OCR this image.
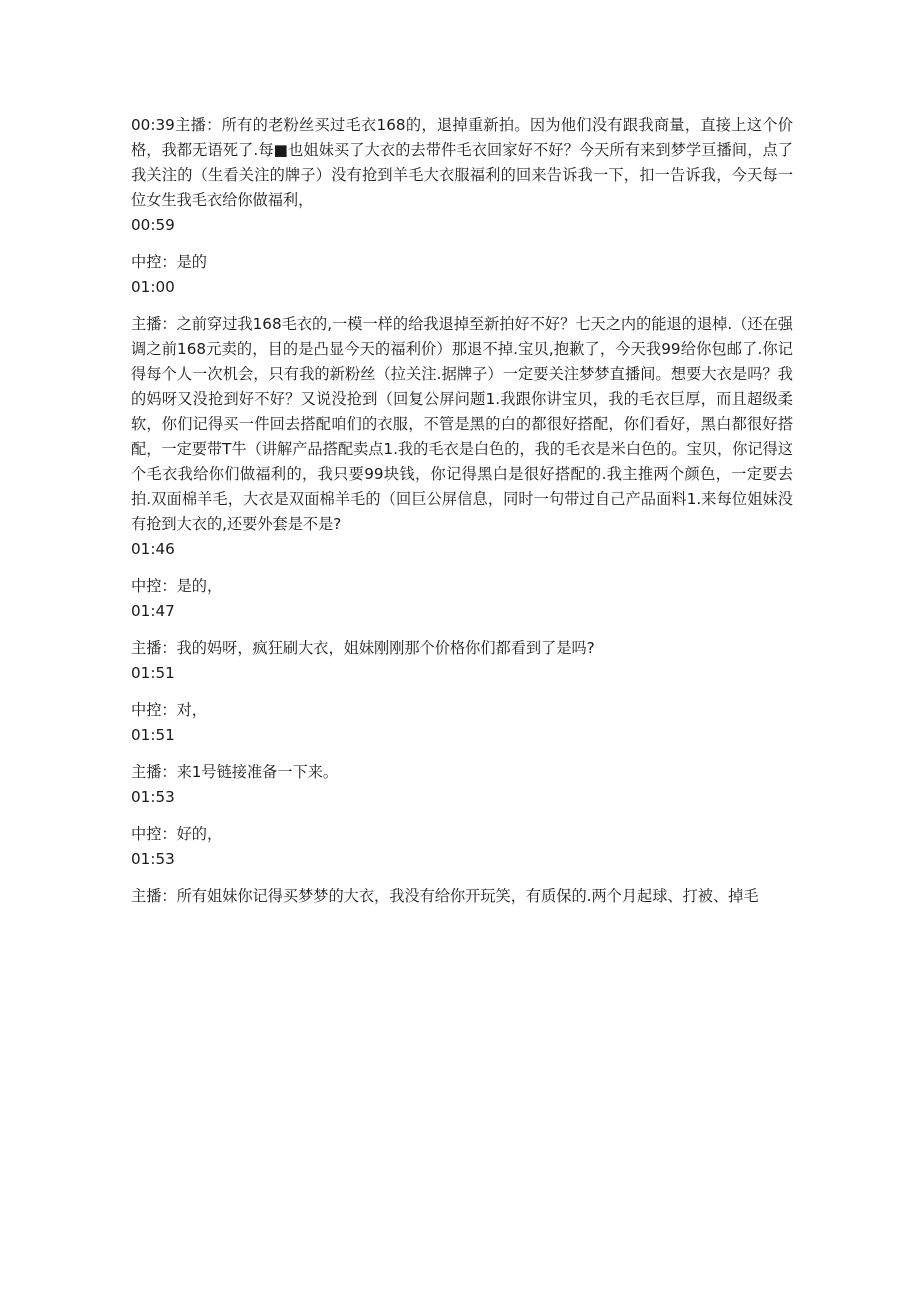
00:39主播：所有的老粉丝买过毛衣168的，退掉重新拍。因为他们没有跟我商量，直接上这个价格，我都无语死了.每■也姐妹买了大衣的去带件毛衣回家好不好？今天所有来到梦学亘播间，点了我关注的（生看关注的牌子）没有抢到羊毛大衣服福利的回来告诉我一下，扣一告诉我，今天每一位女生我毛衣给你做福利，

00:59

中控：是的

01:00

主播：之前穿过我168毛衣的,一模一样的给我退掉至新拍好不好？七天之内的能退的退棹.（还在强调之前168元卖的，目的是凸显今天的福利价）那退不掉.宝贝,抱歉了，今天我99给你包邮了.你记得每个人一次机会，只有我的新粉丝（拉关注.据牌子）一定要关注梦梦直播间。想要大衣是吗？我的妈呀又没抢到好不好？又说没抢到（回复公屏问题1.我跟你讲宝贝，我的毛衣巨厚，而且超级柔软，你们记得买一件回去搭配咱们的衣服，不管是黑的白的都很好搭配，你们看好，黑白都很好搭配，一定要带T牛（讲解产品搭配卖点1.我的毛衣是白色的，我的毛衣是米白色的。宝贝，你记得这个毛衣我给你们做福利的，我只要99块钱，你记得黑白是很好搭配的.我主推两个颜色，一定要去拍.双面棉羊毛，大衣是双面棉羊毛的（回巨公屏信息，同时一句带过自己产品面料1.来每位姐妹没有抢到大衣的,还要外套是不是?

01:46

中控：是的，

01:47

主播：我的妈呀，疯狂刷大衣，姐妹刚刚那个价格你们都看到了是吗?

01:51

中控：对，

01:51

主播：来1号链接准备一下来。

01:53

中控：好的，

01:53

主播：所有姐妹你记得买梦梦的大衣，我没有给你开玩笑，有质保的.两个月起球、打被、掉毛
